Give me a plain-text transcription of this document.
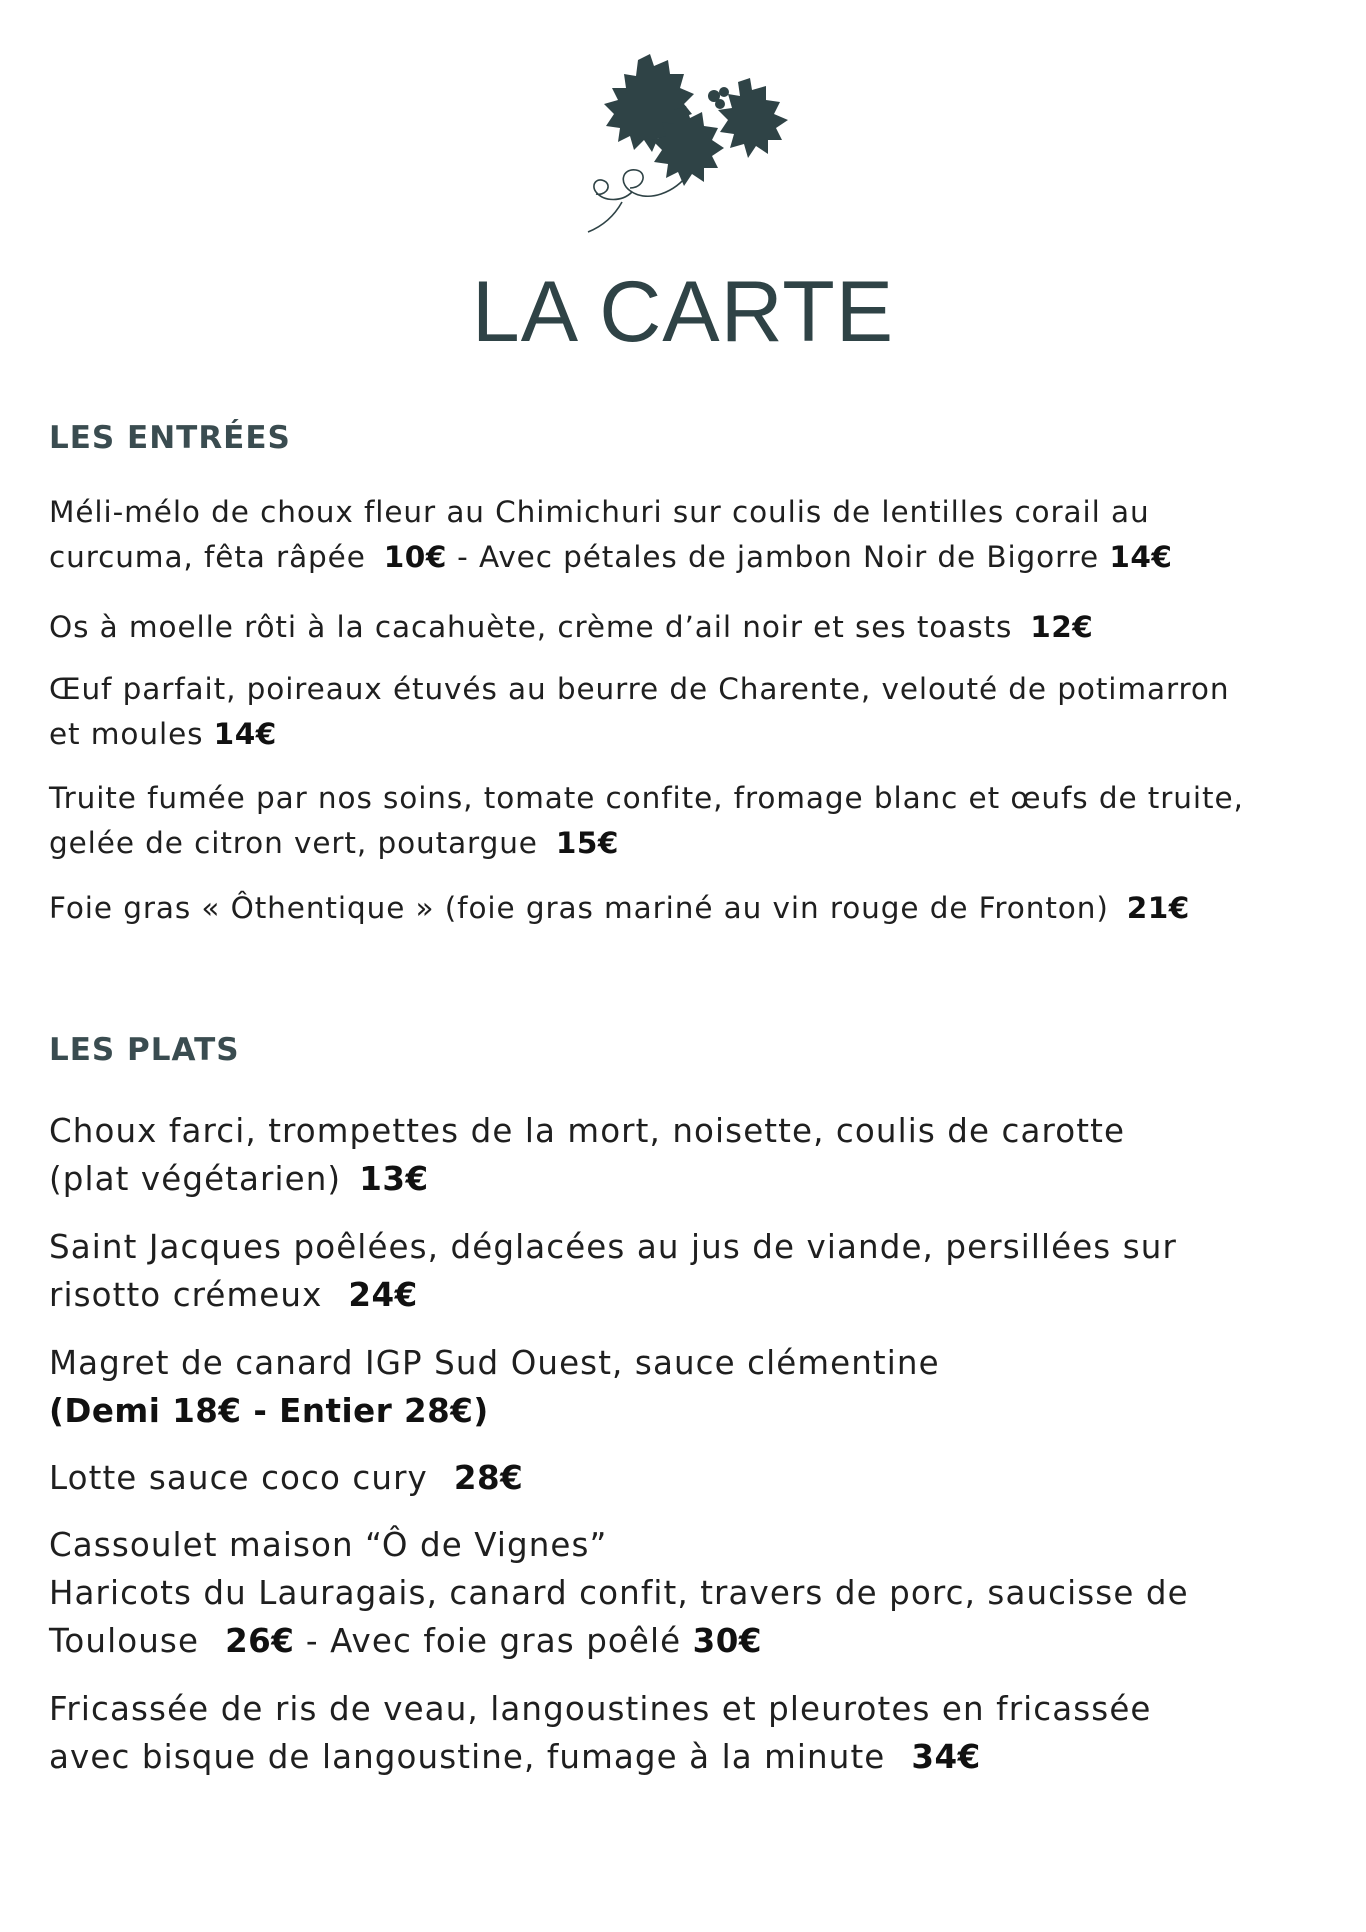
LA CARTE
LES ENTRÉES

Méli-mélo de choux fleur au Chimichuri sur coulis de lentilles corail au
curcuma, fêta râpée 10€ - Avec pétales de jambon Noir de Bigorre 14€

Os à moelle rôti à la cacahuète, crème d’ail noir et ses toasts 12€

Œuf parfait, poireaux étuvés au beurre de Charente, velouté de potimarron
et moules 14€

Truite fumée par nos soins, tomate confite, fromage blanc et œufs de truite,
gelée de citron vert, poutargue 15€

Foie gras « Ôthentique » (foie gras mariné au vin rouge de Fronton) 21€

LES PLATS

Choux farci, trompettes de la mort, noisette, coulis de carotte
(plat végétarien) 13€

Saint Jacques poêlées, déglacées au jus de viande, persillées sur
risotto crémeux 24€

Magret de canard IGP Sud Ouest, sauce clémentine
(Demi 18€ - Entier 28€)

Lotte sauce coco cury 28€

Cassoulet maison “Ô de Vignes”
Haricots du Lauragais, canard confit, travers de porc, saucisse de
Toulouse 26€ - Avec foie gras poêlé 30€

Fricassée de ris de veau, langoustines et pleurotes en fricassée
avec bisque de langoustine, fumage à la minute 34€
